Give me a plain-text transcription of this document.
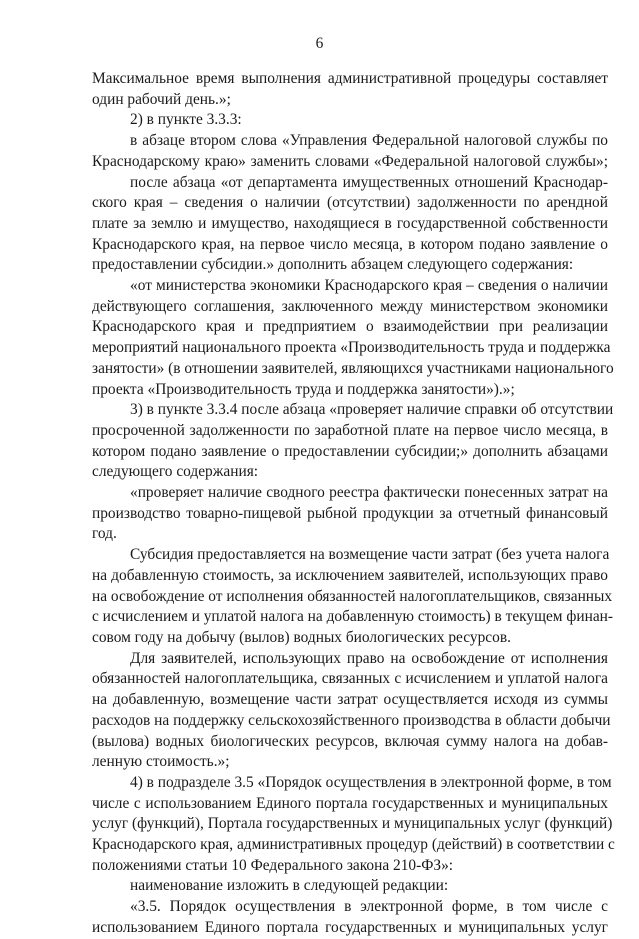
6
Максимальное время выполнения административной процедуры составляет
один рабочий день.»;
2) в пункте 3.3.3:
в абзаце втором слова «Управления Федеральной налоговой службы по
Краснодарскому краю» заменить словами «Федеральной налоговой службы»;
после абзаца «от департамента имущественных отношений Краснодар-
ского края – сведения о наличии (отсутствии) задолженности по арендной
плате за землю и имущество, находящиеся в государственной собственности
Краснодарского края, на первое число месяца, в котором подано заявление о
предоставлении субсидии.» дополнить абзацем следующего содержания:
«от министерства экономики Краснодарского края – сведения о наличии
действующего соглашения, заключенного между министерством экономики
Краснодарского края и предприятием о взаимодействии при реализации
мероприятий национального проекта «Производительность труда и поддержка
занятости» (в отношении заявителей, являющихся участниками национального
проекта «Производительность труда и поддержка занятости»).»;
3) в пункте 3.3.4 после абзаца «проверяет наличие справки об отсутствии
просроченной задолженности по заработной плате на первое число месяца, в
котором подано заявление о предоставлении субсидии;» дополнить абзацами
следующего содержания:
«проверяет наличие сводного реестра фактически понесенных затрат на
производство товарно-пищевой рыбной продукции за отчетный финансовый
год.
Субсидия предоставляется на возмещение части затрат (без учета налога
на добавленную стоимость, за исключением заявителей, использующих право
на освобождение от исполнения обязанностей налогоплательщиков, связанных
с исчислением и уплатой налога на добавленную стоимость) в текущем финан-
совом году на добычу (вылов) водных биологических ресурсов.
Для заявителей, использующих право на освобождение от исполнения
обязанностей налогоплательщика, связанных с исчислением и уплатой налога
на добавленную, возмещение части затрат осуществляется исходя из суммы
расходов на поддержку сельскохозяйственного производства в области добычи
(вылова) водных биологических ресурсов, включая сумму налога на добав-
ленную стоимость.»;
4) в подразделе 3.5 «Порядок осуществления в электронной форме, в том
числе с использованием Единого портала государственных и муниципальных
услуг (функций), Портала государственных и муниципальных услуг (функций)
Краснодарского края, административных процедур (действий) в соответствии с
положениями статьи 10 Федерального закона 210-ФЗ»:
наименование изложить в следующей редакции:
«3.5. Порядок осуществления в электронной форме, в том числе с
использованием Единого портала государственных и муниципальных услуг
